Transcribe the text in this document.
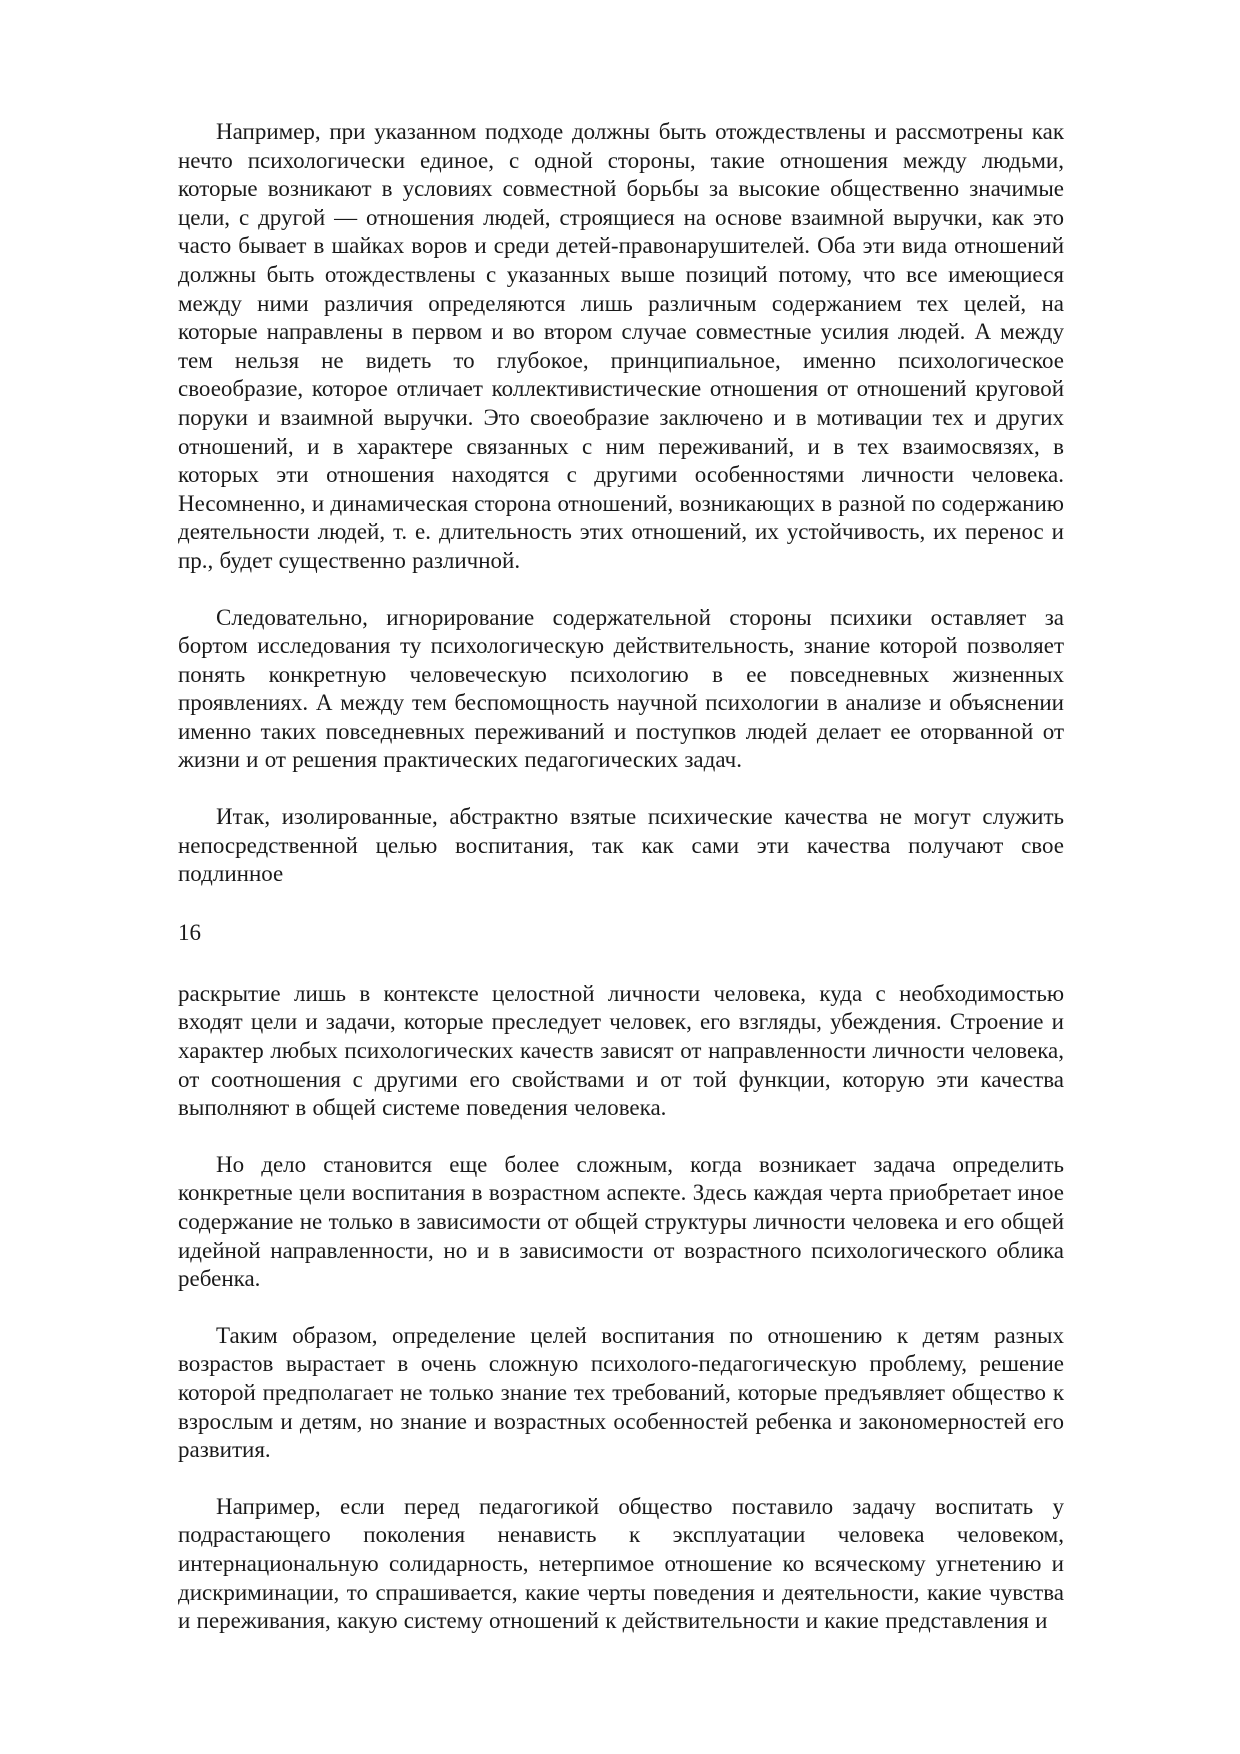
Например, при указанном подходе должны быть отождествлены и рассмотрены как нечто психологически единое, с одной стороны, такие отношения между людьми, которые возникают в условиях совместной борьбы за высокие общественно значимые цели, с другой — отношения людей, строящиеся на основе взаимной выручки, как это часто бывает в шайках воров и среди детей-правонарушителей. Оба эти вида отношений должны быть отождествлены с указанных выше позиций потому, что все имеющиеся между ними различия определяются лишь различным содержанием тех целей, на которые направлены в первом и во втором случае совместные усилия людей. А между тем нельзя не видеть то глубокое, принципиальное, именно психологическое своеобразие, которое отличает коллективистические отношения от отношений круговой поруки и взаимной выручки. Это своеобразие заключено и в мотивации тех и других отношений, и в характере связанных с ним переживаний, и в тех взаимосвязях, в которых эти отношения находятся с другими особенностями личности человека. Несомненно, и динамическая сторона отношений, возникающих в разной по содержанию деятельности людей, т. е. длительность этих отношений, их устойчивость, их перенос и пр., будет существенно различной.

Следовательно, игнорирование содержательной стороны психики оставляет за бортом исследования ту психологическую действительность, знание которой позволяет понять конкретную человеческую психологию в ее повседневных жизненных проявлениях. А между тем беспомощность научной психологии в анализе и объяснении именно таких повседневных переживаний и поступков людей делает ее оторванной от жизни и от решения практических педагогических задач.

Итак, изолированные, абстрактно взятые психические качества не могут служить непосредственной целью воспитания, так как сами эти качества получают свое подлинное

16

раскрытие лишь в контексте целостной личности человека, куда с необходимостью входят цели и задачи, которые преследует человек, его взгляды, убеждения. Строение и характер любых психологических качеств зависят от направленности личности человека, от соотношения с другими его свойствами и от той функции, которую эти качества выполняют в общей системе поведения человека.

Но дело становится еще более сложным, когда возникает задача определить конкретные цели воспитания в возрастном аспекте. Здесь каждая черта приобретает иное содержание не только в зависимости от общей структуры личности человека и его общей идейной направленности, но и в зависимости от возрастного психологического облика ребенка.

Таким образом, определение целей воспитания по отношению к детям разных возрастов вырастает в очень сложную психолого-педагогическую проблему, решение которой предполагает не только знание тех требований, которые предъявляет общество к взрослым и детям, но знание и возрастных особенностей ребенка и закономерностей его развития.

Например, если перед педагогикой общество поставило задачу воспитать у подрастающего поколения ненависть к эксплуатации человека человеком, интернациональную солидарность, нетерпимое отношение ко всяческому угнетению и дискриминации, то спрашивается, какие черты поведения и деятельности, какие чувства и переживания, какую систему отношений к действительности и какие представления и
